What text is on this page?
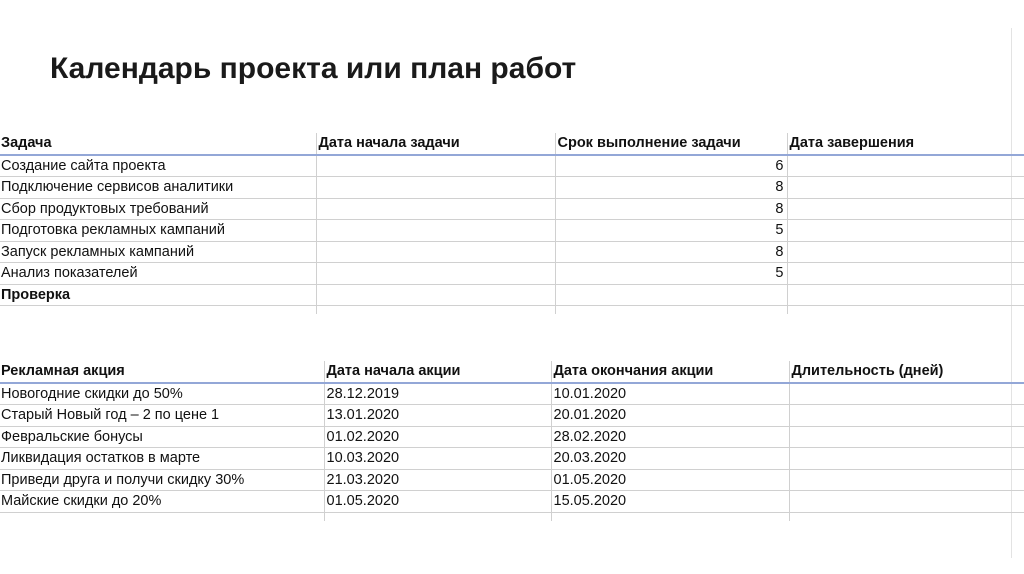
Календарь проекта или план работ
Задача	Дата начала задачи	Срок выполнение задачи	Дата завершения
Создание сайта проекта		6	
Подключение сервисов аналитики		8	
Сбор продуктовых требований		8	
Подготовка рекламных кампаний		5	
Запуск рекламных кампаний		8	
Анализ показателей		5	
Проверка			

Рекламная акция	Дата начала акции	Дата окончания акции	Длительность (дней)
Новогодние скидки до 50%	28.12.2019	10.01.2020	
Старый Новый год – 2 по цене 1	13.01.2020	20.01.2020	
Февральские бонусы	01.02.2020	28.02.2020	
Ликвидация остатков в марте	10.03.2020	20.03.2020	
Приведи друга и получи скидку 30%	21.03.2020	01.05.2020	
Майские скидки до 20%	01.05.2020	15.05.2020	
